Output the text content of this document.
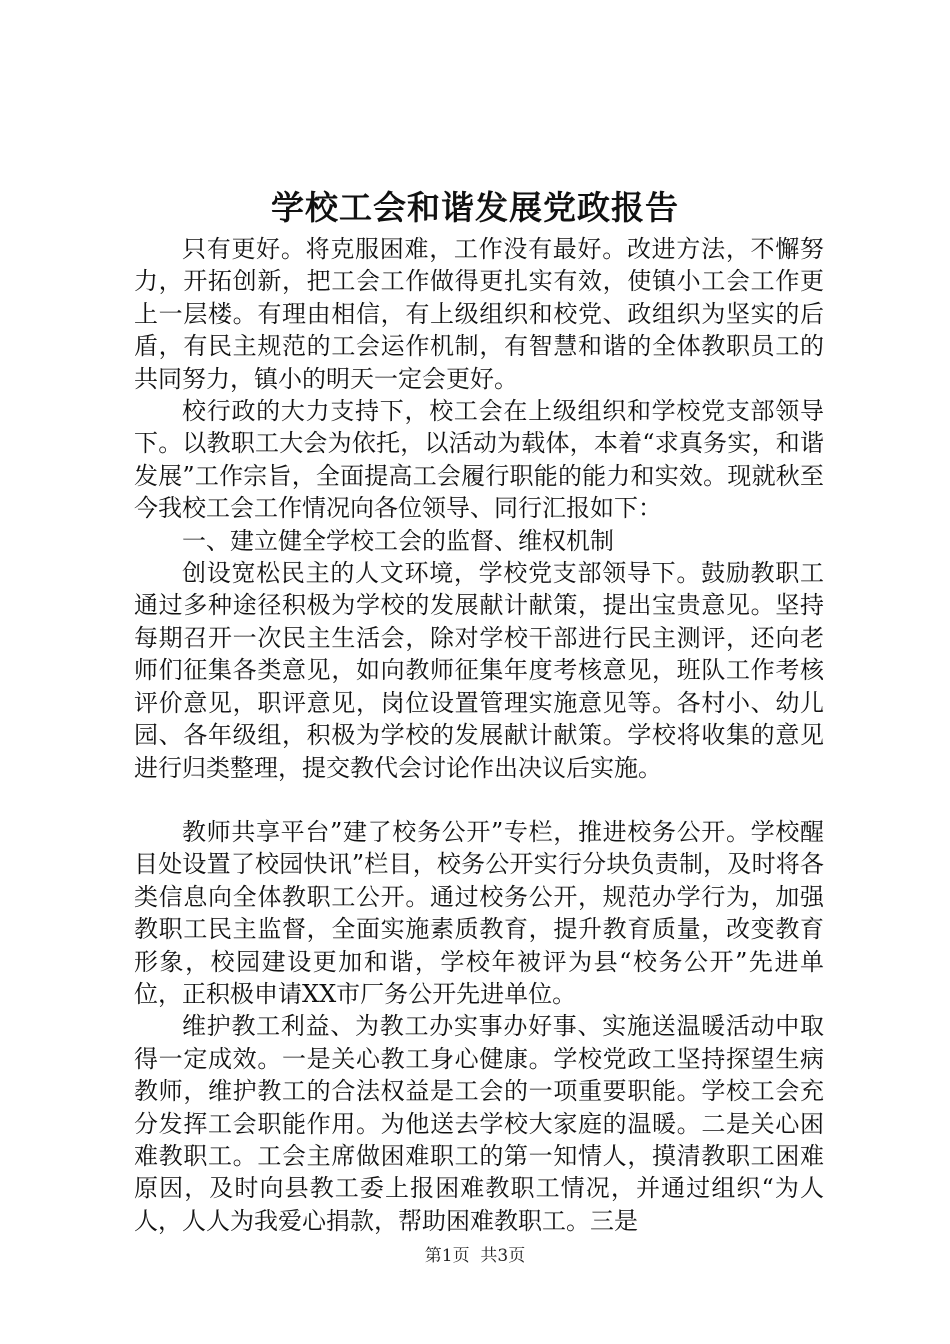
学校工会和谐发展党政报告

只有更好。将克服困难，工作没有最好。改进方法，不懈努力，开拓创新，把工会工作做得更扎实有效，使镇小工会工作更上一层楼。有理由相信，有上级组织和校党、政组织为坚实的后盾，有民主规范的工会运作机制，有智慧和谐的全体教职员工的共同努力，镇小的明天一定会更好。

校行政的大力支持下，校工会在上级组织和学校党支部领导下。以教职工大会为依托，以活动为载体，本着“求真务实，和谐发展”工作宗旨，全面提高工会履行职能的能力和实效。现就秋至今我校工会工作情况向各位领导、同行汇报如下：

一、建立健全学校工会的监督、维权机制

创设宽松民主的人文环境，学校党支部领导下。鼓励教职工通过多种途径积极为学校的发展献计献策，提出宝贵意见。坚持每期召开一次民主生活会，除对学校干部进行民主测评，还向老师们征集各类意见，如向教师征集年度考核意见，班队工作考核评价意见，职评意见，岗位设置管理实施意见等。各村小、幼儿园、各年级组，积极为学校的发展献计献策。学校将收集的意见进行归类整理，提交教代会讨论作出决议后实施。

教师共享平台”建了校务公开”专栏，推进校务公开。学校醒目处设置了校园快讯”栏目，校务公开实行分块负责制，及时将各类信息向全体教职工公开。通过校务公开，规范办学行为，加强教职工民主监督，全面实施素质教育，提升教育质量，改变教育形象，校园建设更加和谐，学校年被评为县“校务公开”先进单位，正积极申请XX市厂务公开先进单位。

维护教工利益、为教工办实事办好事、实施送温暖活动中取得一定成效。一是关心教工身心健康。学校党政工坚持探望生病教师，维护教工的合法权益是工会的一项重要职能。学校工会充分发挥工会职能作用。为他送去学校大家庭的温暖。二是关心困难教职工。工会主席做困难职工的第一知情人，摸清教职工困难原因，及时向县教工委上报困难教职工情况，并通过组织“为人人，人人为我爱心捐款，帮助困难教职工。三是

第1页 共3页
